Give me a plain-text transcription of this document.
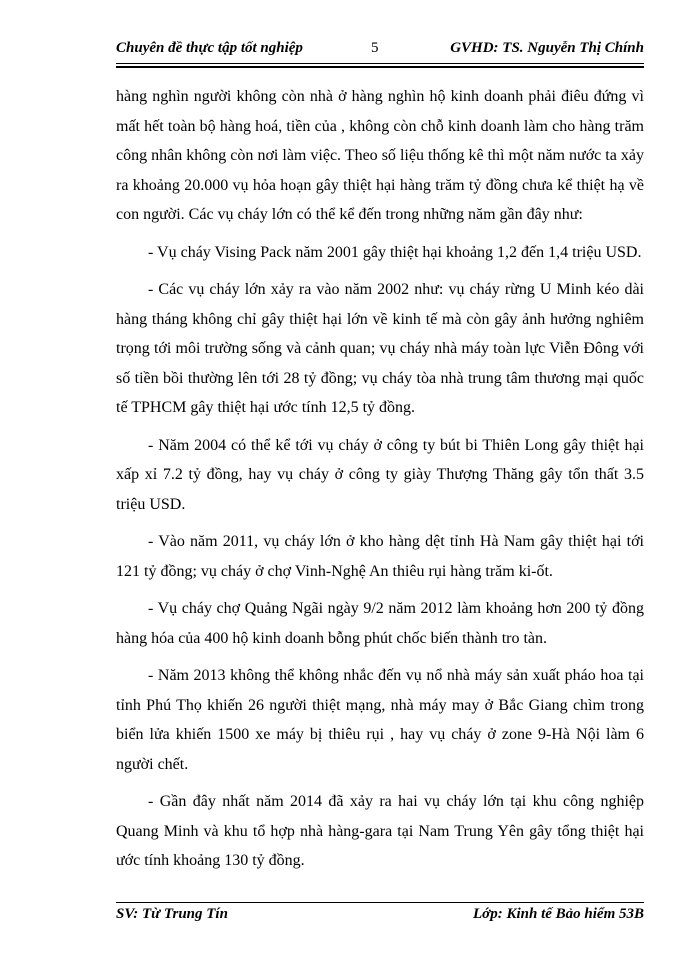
Chuyên đề thực tập tốt nghiệp	5	GVHD: TS. Nguyễn Thị Chính

hàng nghìn người không còn nhà ở hàng nghìn hộ kinh doanh phải điêu đứng vì mất hết toàn bộ hàng hoá, tiền của , không còn chỗ kinh doanh làm cho hàng trăm công nhân không còn nơi làm việc. Theo số liệu thống kê thì một năm nước ta xảy ra khoảng 20.000 vụ hỏa hoạn gây thiệt hại hàng trăm tỷ đồng chưa kể thiệt hạ về con người. Các vụ cháy lớn có thể kể đến trong những năm gần đây như:

- Vụ cháy Vising Pack năm 2001 gây thiệt hại khoảng 1,2 đến 1,4 triệu USD.

- Các vụ cháy lớn xảy ra vào năm 2002 như: vụ cháy rừng U Minh kéo dài hàng tháng không chỉ gây thiệt hại lớn về kinh tế mà còn gây ảnh hưởng nghiêm trọng tới môi trường sống và cảnh quan; vụ cháy nhà máy toàn lực Viễn Đông với số tiền bồi thường lên tới 28 tỷ đồng; vụ cháy tòa nhà trung tâm thương mại quốc tế TPHCM gây thiệt hại ước tính 12,5 tỷ đồng.

- Năm 2004 có thể kể tới vụ cháy ở công ty bút bi Thiên Long gây thiệt hại xấp xỉ 7.2 tỷ đồng, hay vụ cháy ở công ty giày Thượng Thăng gây tổn thất 3.5 triệu USD.

- Vào năm 2011, vụ cháy lớn ở kho hàng dệt tỉnh Hà Nam gây thiệt hại tới 121 tỷ đồng; vụ cháy ở chợ Vinh-Nghệ An thiêu rụi hàng trăm ki-ốt.

- Vụ cháy chợ Quảng Ngãi ngày 9/2 năm 2012 làm khoảng hơn 200 tỷ đồng hàng hóa của 400 hộ kinh doanh bỗng phút chốc biến thành tro tàn.

- Năm 2013 không thể không nhắc đến vụ nổ nhà máy sản xuất pháo hoa tại tỉnh Phú Thọ khiến 26 người thiệt mạng, nhà máy may ở Bắc Giang chìm trong biển lửa khiến 1500 xe máy bị thiêu rụi , hay vụ cháy ở zone 9-Hà Nội làm 6 người chết.

- Gần đây nhất năm 2014 đã xảy ra hai vụ cháy lớn tại khu công nghiệp Quang Minh và khu tổ hợp nhà hàng-gara tại Nam Trung Yên gây tổng thiệt hại ước tính khoảng 130 tỷ đồng.

SV: Từ Trung Tín	Lớp: Kinh tế Bảo hiểm 53B
